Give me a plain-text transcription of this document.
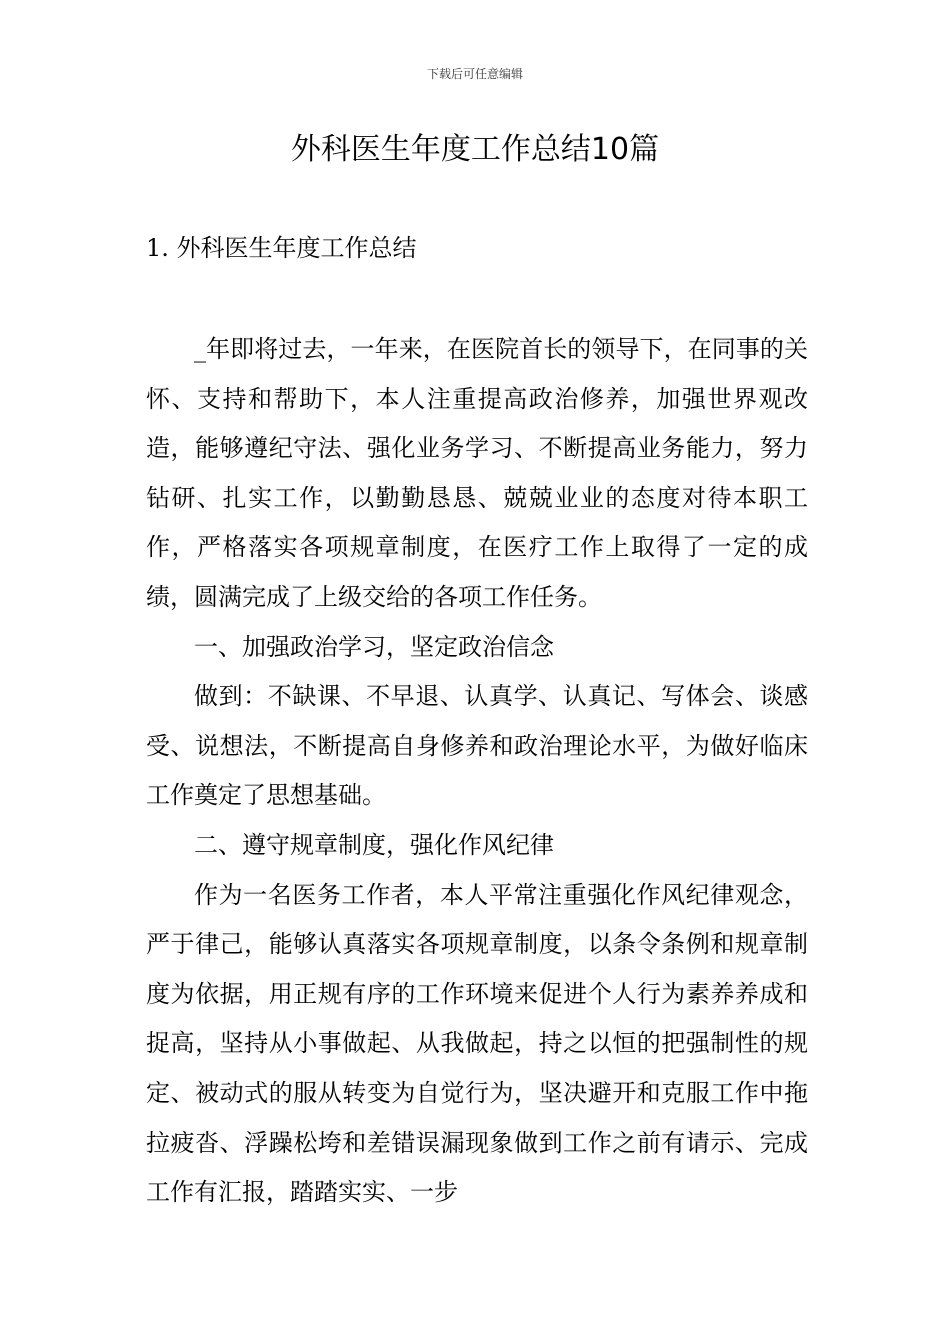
下载后可任意编辑
外科医生年度工作总结10篇
1. 外科医生年度工作总结

_年即将过去，一年来，在医院首长的领导下，在同事的关怀、支持和帮助下，本人注重提高政治修养，加强世界观改造，能够遵纪守法、强化业务学习、不断提高业务能力，努力钻研、扎实工作，以勤勤恳恳、兢兢业业的态度对待本职工作，严格落实各项规章制度，在医疗工作上取得了一定的成绩，圆满完成了上级交给的各项工作任务。

一、加强政治学习，坚定政治信念

做到：不缺课、不早退、认真学、认真记、写体会、谈感受、说想法，不断提高自身修养和政治理论水平，为做好临床工作奠定了思想基础。

二、遵守规章制度，强化作风纪律

作为一名医务工作者，本人平常注重强化作风纪律观念，严于律己，能够认真落实各项规章制度，以条令条例和规章制度为依据，用正规有序的工作环境来促进个人行为素养养成和捉高，坚持从小事做起、从我做起，持之以恒的把强制性的规定、被动式的服从转变为自觉行为，坚决避开和克服工作中拖拉疲沓、浮躁松垮和差错误漏现象做到工作之前有请示、完成工作有汇报，踏踏实实、一步
